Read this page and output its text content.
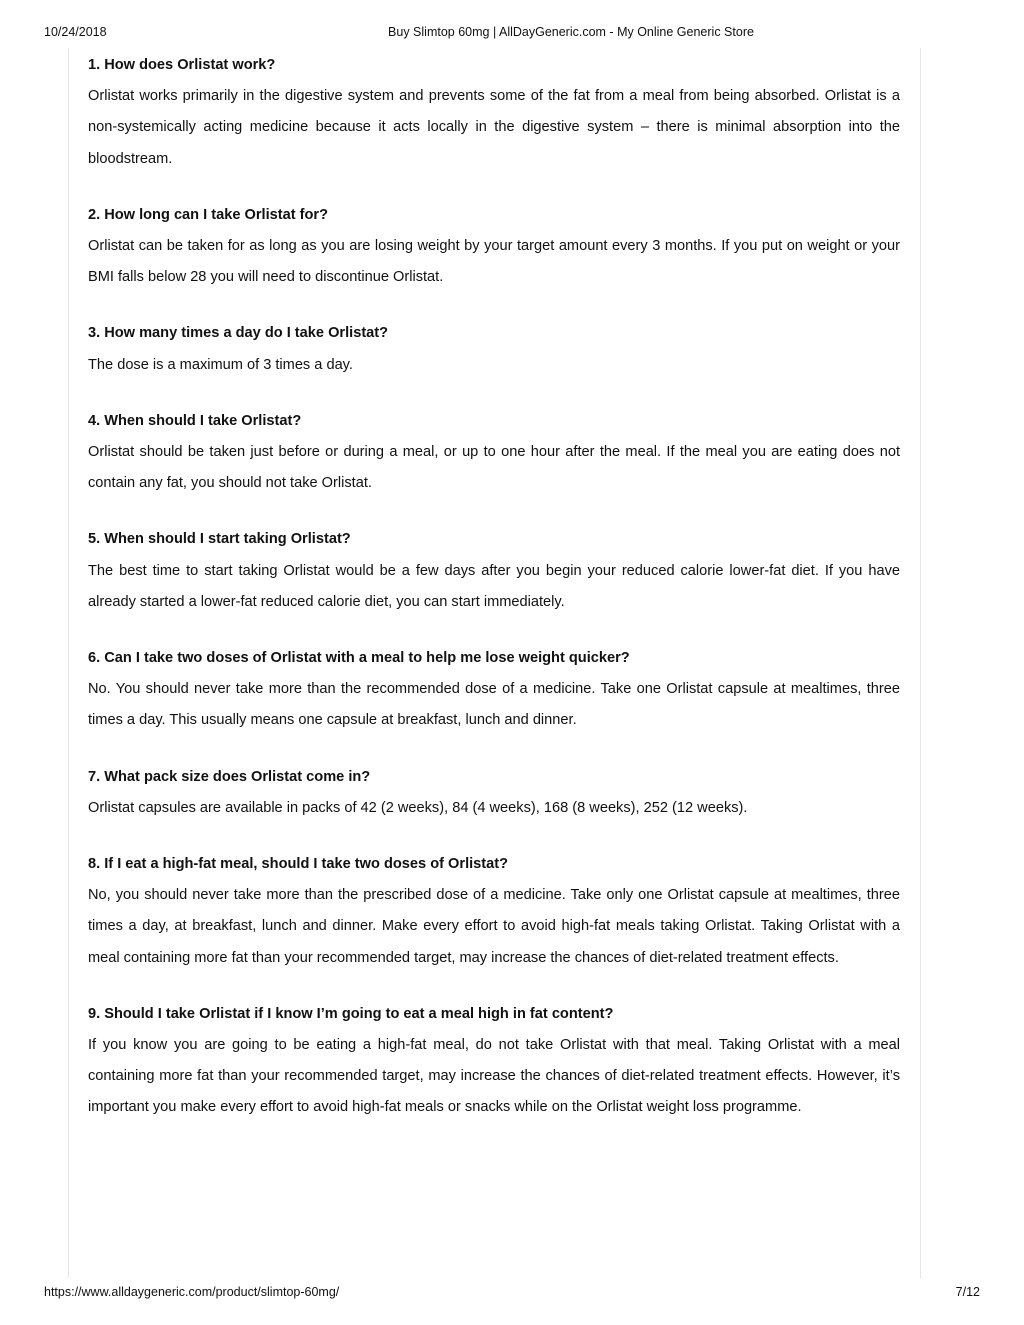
10/24/2018	Buy Slimtop 60mg | AllDayGeneric.com - My Online Generic Store

1. How does Orlistat work?

Orlistat works primarily in the digestive system and prevents some of the fat from a meal from being absorbed. Orlistat is a non-systemically acting medicine because it acts locally in the digestive system – there is minimal absorption into the bloodstream.

2. How long can I take Orlistat for?

Orlistat can be taken for as long as you are losing weight by your target amount every 3 months. If you put on weight or your BMI falls below 28 you will need to discontinue Orlistat.

3. How many times a day do I take Orlistat?

The dose is a maximum of 3 times a day.

4. When should I take Orlistat?

Orlistat should be taken just before or during a meal, or up to one hour after the meal. If the meal you are eating does not contain any fat, you should not take Orlistat.

5. When should I start taking Orlistat?

The best time to start taking Orlistat would be a few days after you begin your reduced calorie lower-fat diet. If you have already started a lower-fat reduced calorie diet, you can start immediately.

6. Can I take two doses of Orlistat with a meal to help me lose weight quicker?

No. You should never take more than the recommended dose of a medicine. Take one Orlistat capsule at mealtimes, three times a day. This usually means one capsule at breakfast, lunch and dinner.

7. What pack size does Orlistat come in?

Orlistat capsules are available in packs of 42 (2 weeks), 84 (4 weeks), 168 (8 weeks), 252 (12 weeks).

8. If I eat a high-fat meal, should I take two doses of Orlistat?

No, you should never take more than the prescribed dose of a medicine. Take only one Orlistat capsule at mealtimes, three times a day, at breakfast, lunch and dinner. Make every effort to avoid high-fat meals taking Orlistat. Taking Orlistat with a meal containing more fat than your recommended target, may increase the chances of diet-related treatment effects.

9. Should I take Orlistat if I know I’m going to eat a meal high in fat content?

If you know you are going to be eating a high-fat meal, do not take Orlistat with that meal. Taking Orlistat with a meal containing more fat than your recommended target, may increase the chances of diet-related treatment effects. However, it’s important you make every effort to avoid high-fat meals or snacks while on the Orlistat weight loss programme.

https://www.alldaygeneric.com/product/slimtop-60mg/	7/12
